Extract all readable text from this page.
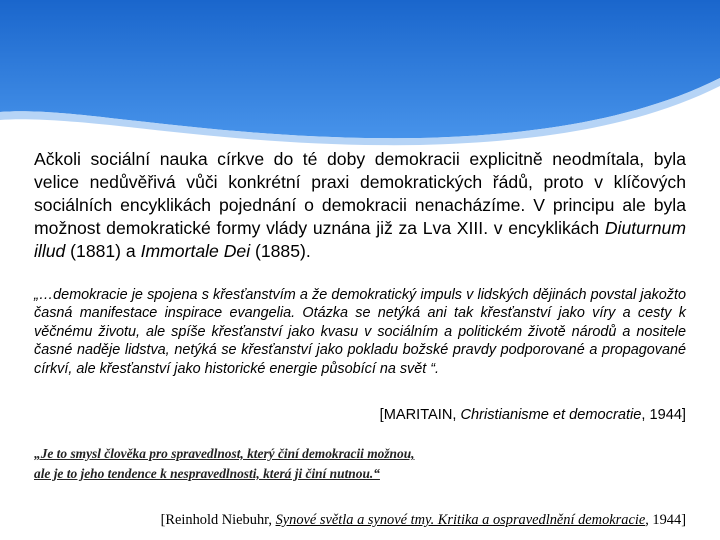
Ačkoli sociální nauka církve do té doby demokracii explicitně neodmítala, byla velice nedůvěřivá vůči konkrétní praxi demokratických řádů, proto v klíčových sociálních encyklikách pojednání o demokracii nenacházíme. V principu ale byla možnost demokratické formy vlády uznána již za Lva XIII. v encyklikách Diuturnum illud (1881) a Immortale Dei (1885).
„…demokracie je spojena s křesťanstvím a že demokratický impuls v lidských dějinách povstal jakožto časná manifestace inspirace evangelia. Otázka se netýká ani tak křesťanství jako víry a cesty k věčnému životu, ale spíše křesťanství jako kvasu v sociálním a politickém životě národů a nositele časné naděje lidstva, netýká se křesťanství jako pokladu božské pravdy podporované a propagované církví, ale křesťanství jako historické energie působící na svět “.
[MARITAIN, Christianisme et democratie, 1944]
„Je to smysl člověka pro spravedlnost, který činí demokracii možnou,
ale je to jeho tendence k nespravedlnosti, která ji činí nutnou.“
[Reinhold Niebuhr, Synové světla a synové tmy. Kritika a ospravedlnění demokracie, 1944]
